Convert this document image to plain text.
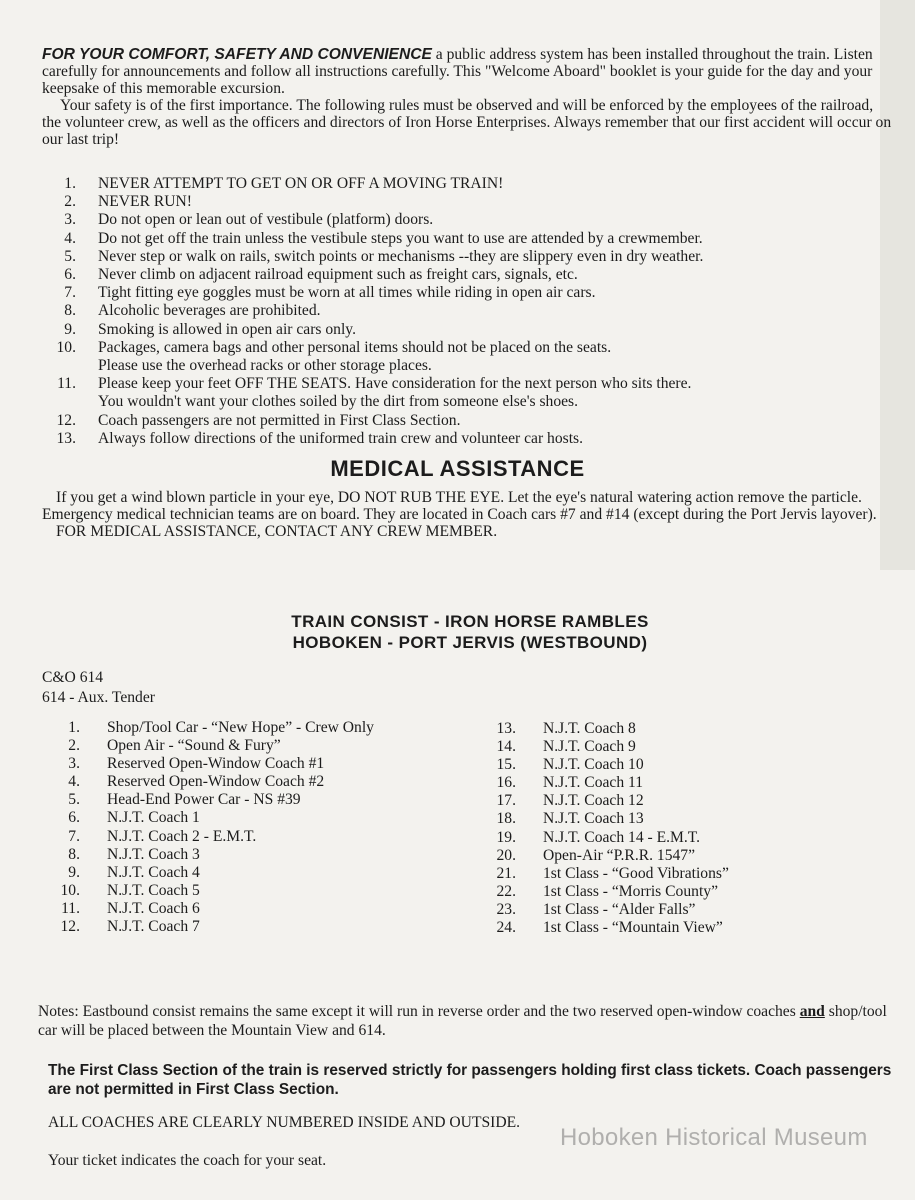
FOR YOUR COMFORT, SAFETY AND CONVENIENCE a public address system has been installed throughout the train. Listen carefully for announcements and follow all instructions carefully. This "Welcome Aboard" booklet is your guide for the day and your keepsake of this memorable excursion.

Your safety is of the first importance. The following rules must be observed and will be enforced by the employees of the railroad, the volunteer crew, as well as the officers and directors of Iron Horse Enterprises. Always remember that our first accident will occur on our last trip!

1.	NEVER ATTEMPT TO GET ON OR OFF A MOVING TRAIN!
2.	NEVER RUN!
3.	Do not open or lean out of vestibule (platform) doors.
4.	Do not get off the train unless the vestibule steps you want to use are attended by a crewmember.
5.	Never step or walk on rails, switch points or mechanisms --they are slippery even in dry weather.
6.	Never climb on adjacent railroad equipment such as freight cars, signals, etc.
7.	Tight fitting eye goggles must be worn at all times while riding in open air cars.
8.	Alcoholic beverages are prohibited.
9.	Smoking is allowed in open air cars only.
10.	Packages, camera bags and other personal items should not be placed on the seats.
Please use the overhead racks or other storage places.
11.	Please keep your feet OFF THE SEATS. Have consideration for the next person who sits there.
You wouldn't want your clothes soiled by the dirt from someone else's shoes.
12.	Coach passengers are not permitted in First Class Section.
13.	Always follow directions of the uniformed train crew and volunteer car hosts.
MEDICAL ASSISTANCE

If you get a wind blown particle in your eye, DO NOT RUB THE EYE. Let the eye's natural watering action remove the particle. Emergency medical technician teams are on board. They are located in Coach cars #7 and #14 (except during the Port Jervis layover).

FOR MEDICAL ASSISTANCE, CONTACT ANY CREW MEMBER.

TRAIN CONSIST - IRON HORSE RAMBLES
HOBOKEN - PORT JERVIS (WESTBOUND)
C&O 614
614 - Aux. Tender
1. Shop/Tool Car - “New Hope” - Crew Only
2. Open Air - “Sound & Fury”
3. Reserved Open-Window Coach #1
4. Reserved Open-Window Coach #2
5. Head-End Power Car - NS #39
6. N.J.T. Coach 1
7. N.J.T. Coach 2 - E.M.T.
8. N.J.T. Coach 3
9. N.J.T. Coach 4
10. N.J.T. Coach 5
11. N.J.T. Coach 6
12. N.J.T. Coach 7
13. N.J.T. Coach 8
14. N.J.T. Coach 9
15. N.J.T. Coach 10
16. N.J.T. Coach 11
17. N.J.T. Coach 12
18. N.J.T. Coach 13
19. N.J.T. Coach 14 - E.M.T.
20. Open-Air “P.R.R. 1547”
21. 1st Class - “Good Vibrations”
22. 1st Class - “Morris County”
23. 1st Class - “Alder Falls”
24. 1st Class - “Mountain View”
Notes: Eastbound consist remains the same except it will run in reverse order and the two reserved open-window coaches and shop/tool car will be placed between the Mountain View and 614.
The First Class Section of the train is reserved strictly for passengers holding first class tickets. Coach passengers are not permitted in First Class Section.
ALL COACHES ARE CLEARLY NUMBERED INSIDE AND OUTSIDE.
Your ticket indicates the coach for your seat.
Hoboken Historical Museum
